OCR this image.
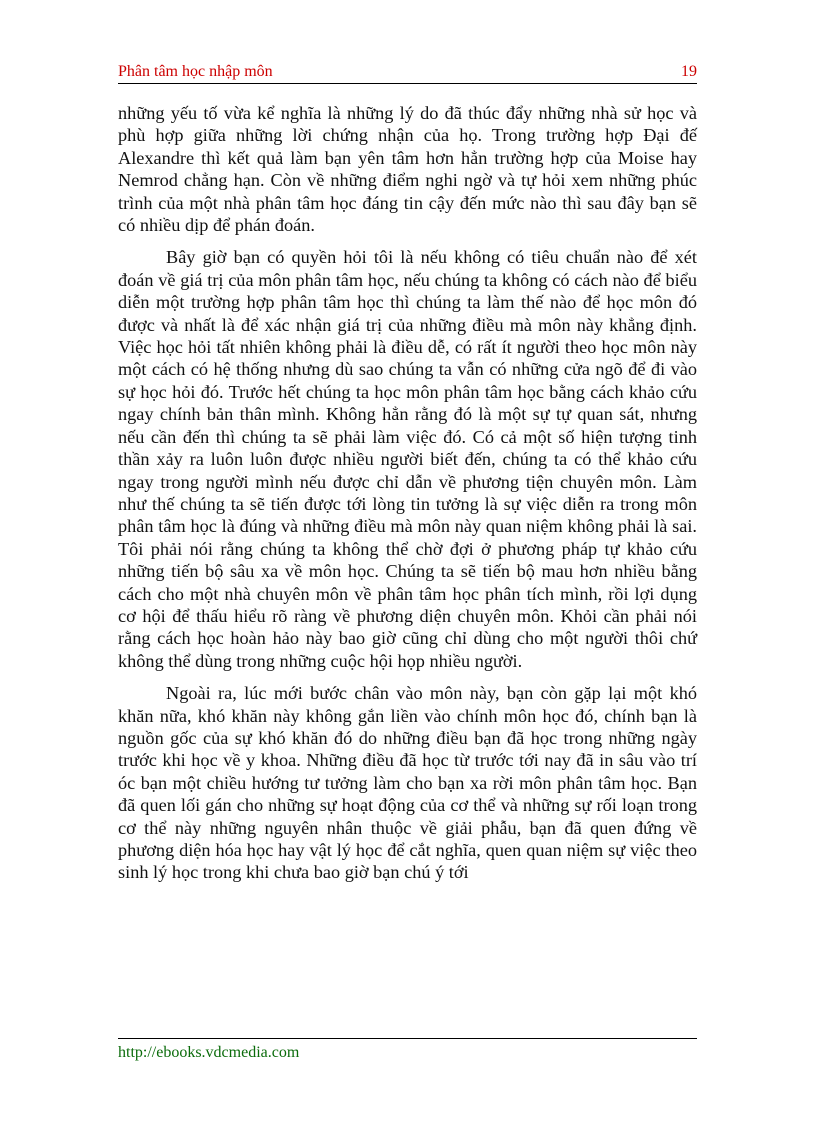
Phân tâm học nhập môn	19

những yếu tố vừa kể nghĩa là những lý do đã thúc đẩy những nhà sử học và phù hợp giữa những lời chứng nhận của họ. Trong trường hợp Đại đế Alexandre thì kết quả làm bạn yên tâm hơn hẳn trường hợp của Moise hay Nemrod chẳng hạn. Còn về những điểm nghi ngờ và tự hỏi xem những phúc trình của một nhà phân tâm học đáng tin cậy đến mức nào thì sau đây bạn sẽ có nhiều dịp để phán đoán.

Bây giờ bạn có quyền hỏi tôi là nếu không có tiêu chuẩn nào để xét đoán về giá trị của môn phân tâm học, nếu chúng ta không có cách nào để biểu diễn một trường hợp phân tâm học thì chúng ta làm thế nào để học môn đó được và nhất là để xác nhận giá trị của những điều mà môn này khẳng định. Việc học hỏi tất nhiên không phải là điều dễ, có rất ít người theo học môn này một cách có hệ thống nhưng dù sao chúng ta vẫn có những cửa ngõ để đi vào sự học hỏi đó. Trước hết chúng ta học môn phân tâm học bằng cách khảo cứu ngay chính bản thân mình. Không hẳn rằng đó là một sự tự quan sát, nhưng nếu cần đến thì chúng ta sẽ phải làm việc đó. Có cả một số hiện tượng tinh thần xảy ra luôn luôn được nhiều người biết đến, chúng ta có thể khảo cứu ngay trong người mình nếu được chỉ dẫn về phương tiện chuyên môn. Làm như thế chúng ta sẽ tiến được tới lòng tin tưởng là sự việc diễn ra trong môn phân tâm học là đúng và những điều mà môn này quan niệm không phải là sai. Tôi phải nói rằng chúng ta không thể chờ đợi ở phương pháp tự khảo cứu những tiến bộ sâu xa về môn học. Chúng ta sẽ tiến bộ mau hơn nhiều bằng cách cho một nhà chuyên môn về phân tâm học phân tích mình, rồi lợi dụng cơ hội để thấu hiểu rõ ràng về phương diện chuyên môn. Khỏi cần phải nói rằng cách học hoàn hảo này bao giờ cũng chỉ dùng cho một người thôi chứ không thể dùng trong những cuộc hội họp nhiều người.

Ngoài ra, lúc mới bước chân vào môn này, bạn còn gặp lại một khó khăn nữa, khó khăn này không gắn liền vào chính môn học đó, chính bạn là nguồn gốc của sự khó khăn đó do những điều bạn đã học trong những ngày trước khi học về y khoa. Những điều đã học từ trước tới nay đã in sâu vào trí óc bạn một chiều hướng tư tưởng làm cho bạn xa rời môn phân tâm học. Bạn đã quen lối gán cho những sự hoạt động của cơ thể và những sự rối loạn trong cơ thể này những nguyên nhân thuộc về giải phẫu, bạn đã quen đứng về phương diện hóa học hay vật lý học để cắt nghĩa, quen quan niệm sự việc theo sinh lý học trong khi chưa bao giờ bạn chú ý tới

http://ebooks.vdcmedia.com
